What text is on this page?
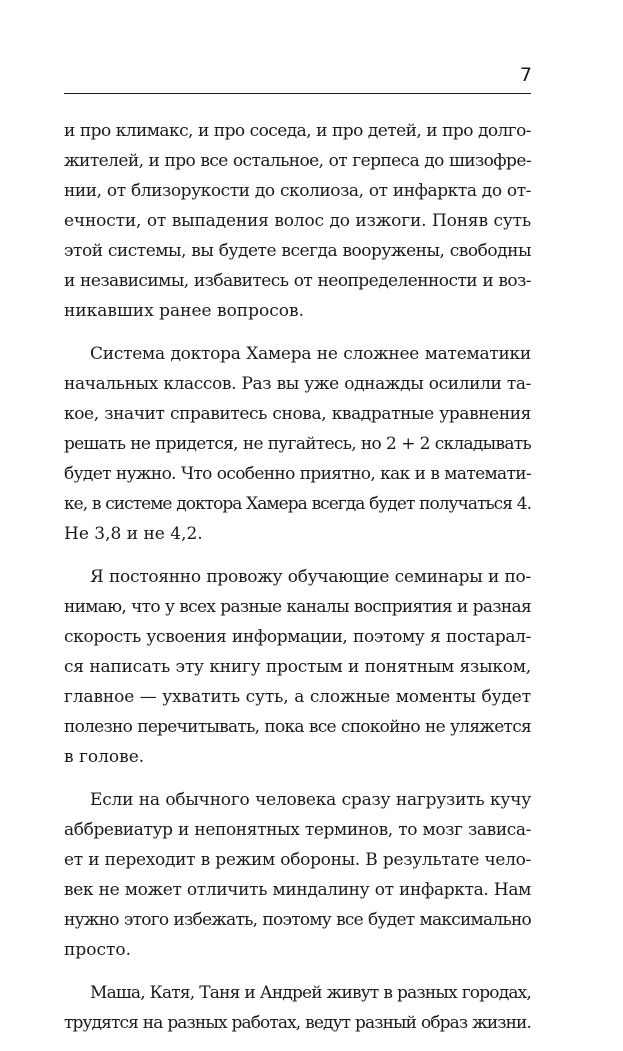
7
и про климакс, и про соседа, и про детей, и про долго-
жителей, и про все остальное, от герпеса до шизофре-
нии, от близорукости до сколиоза, от инфаркта до от-
ечности, от выпадения волос до изжоги. Поняв суть
этой системы, вы будете всегда вооружены, свободны
и независимы, избавитесь от неопределенности и воз-
никавших ранее вопросов.
Система доктора Хамера не сложнее математики
начальных классов. Раз вы уже однажды осилили та-
кое, значит справитесь снова, квадратные уравнения
решать не придется, не пугайтесь, но 2 + 2 складывать
будет нужно. Что особенно приятно, как и в математи-
ке, в системе доктора Хамера всегда будет получаться 4.
Не 3,8 и не 4,2.
Я постоянно провожу обучающие семинары и по-
нимаю, что у всех разные каналы восприятия и разная
скорость усвоения информации, поэтому я постарал-
ся написать эту книгу простым и понятным языком,
главное — ухватить суть, а сложные моменты будет
полезно перечитывать, пока все спокойно не уляжется
в голове.
Если на обычного человека сразу нагрузить кучу
аббревиатур и непонятных терминов, то мозг зависа-
ет и переходит в режим обороны. В результате чело-
век не может отличить миндалину от инфаркта. Нам
нужно этого избежать, поэтому все будет максимально
просто.
Маша, Катя, Таня и Андрей живут в разных городах,
трудятся на разных работах, ведут разный образ жизни.
